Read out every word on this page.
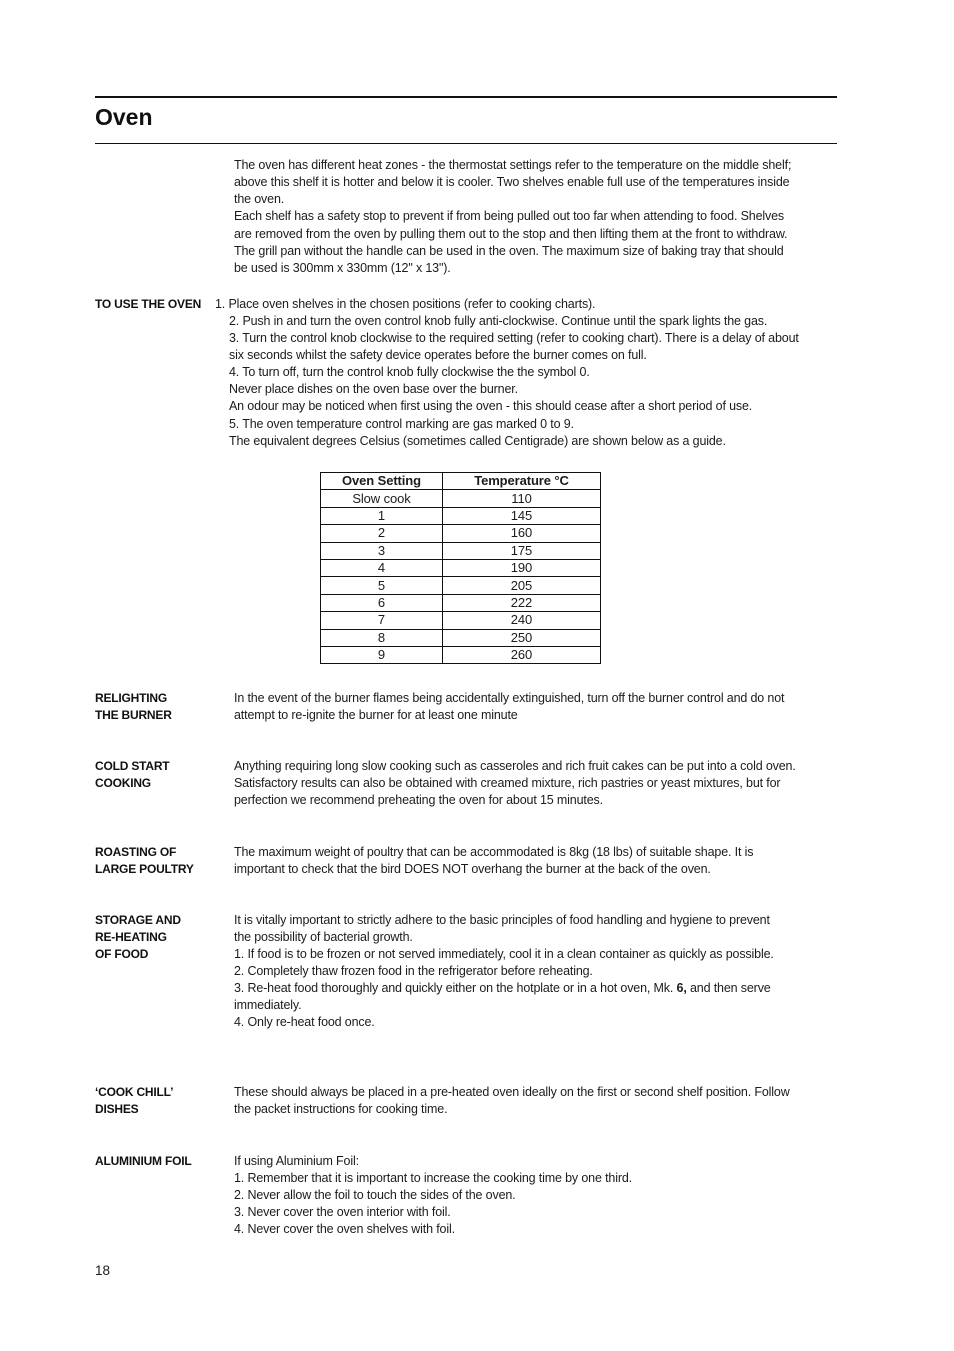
Oven
The oven has different heat zones - the thermostat settings refer to the temperature on the middle shelf;
above this shelf it is hotter and below it is cooler. Two shelves enable full use of the temperatures inside
the oven.
Each shelf has a safety stop to prevent if from being pulled out too far when attending to food. Shelves
are removed from the oven by pulling them out to the stop and then lifting them at the front to withdraw.
The grill pan without the handle can be used in the oven. The maximum size of baking tray that should
be used is 300mm x 330mm (12" x 13").
TO USE THE OVEN 1. Place oven shelves in the chosen positions (refer to cooking charts).
2. Push in and turn the oven control knob fully anti-clockwise. Continue until the spark lights the gas.
3. Turn the control knob clockwise to the required setting (refer to cooking chart). There is a delay of about
six seconds whilst the safety device operates before the burner comes on full.
4. To turn off, turn the control knob fully clockwise the the symbol 0.
Never place dishes on the oven base over the burner.
An odour may be noticed when first using the oven - this should cease after a short period of use.
5. The oven temperature control marking are gas marked 0 to 9.
The equivalent degrees Celsius (sometimes called Centigrade) are shown below as a guide.
Oven Setting	Temperature °C
Slow cook	110
1	145
2	160
3	175
4	190
5	205
6	222
7	240
8	250
9	260
RELIGHTING
THE BURNER
In the event of the burner flames being accidentally extinguished, turn off the burner control and do not
attempt to re-ignite the burner for at least one minute
COLD START
COOKING
Anything requiring long slow cooking such as casseroles and rich fruit cakes can be put into a cold oven.
Satisfactory results can also be obtained with creamed mixture, rich pastries or yeast mixtures, but for
perfection we recommend preheating the oven for about 15 minutes.
ROASTING OF
LARGE POULTRY
The maximum weight of poultry that can be accommodated is 8kg (18 lbs) of suitable shape. It is
important to check that the bird DOES NOT overhang the burner at the back of the oven.
STORAGE AND
RE-HEATING
OF FOOD
It is vitally important to strictly adhere to the basic principles of food handling and hygiene to prevent
the possibility of bacterial growth.
1. If food is to be frozen or not served immediately, cool it in a clean container as quickly as possible.
2. Completely thaw frozen food in the refrigerator before reheating.
3. Re-heat food thoroughly and quickly either on the hotplate or in a hot oven, Mk. 6, and then serve
immediately.
4. Only re-heat food once.
‘COOK CHILL’
DISHES
These should always be placed in a pre-heated oven ideally on the first or second shelf position. Follow
the packet instructions for cooking time.
ALUMINIUM FOIL	If using Aluminium Foil:
1. Remember that it is important to increase the cooking time by one third.
2. Never allow the foil to touch the sides of the oven.
3. Never cover the oven interior with foil.
4. Never cover the oven shelves with foil.
18
